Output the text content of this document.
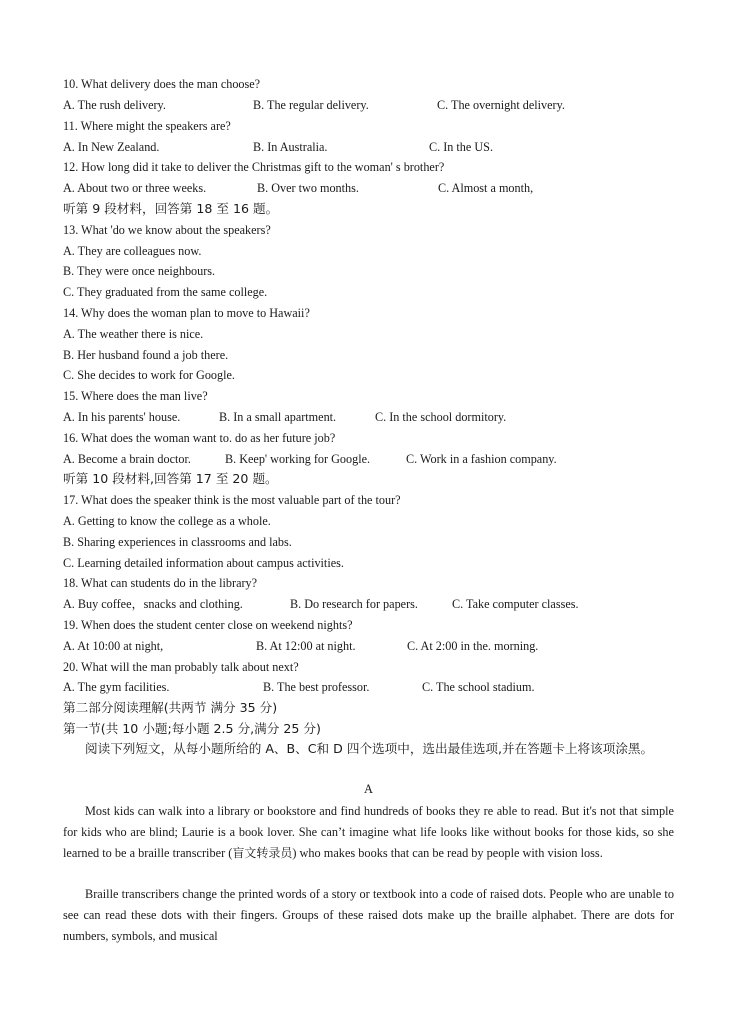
10. What delivery does the man choose?
A. The rush delivery.	B. The regular delivery.	C. The overnight delivery.
11. Where might the speakers are?
A. In New Zealand.	B. In Australia.	C. In the US.
12. How long did it take to deliver the Christmas gift to the woman' s brother?
A. About two or three weeks.	B. Over two months.	C. Almost a month,
听第 9 段材料，回答第 18 至 16 题。
13. What 'do we know about the speakers?
A. They are colleagues now.
B. They were once neighbours.
C. They graduated from the same college.
14. Why does the woman plan to move to Hawaii?
A. The weather there is nice.
B. Her husband found a job there.
C. She decides to work for Google.
15. Where does the man live?
A. In his parents' house.	B. In a small apartment.	C. In the school dormitory.
16. What does the woman want to. do as her future job?
A. Become a brain doctor.	B. Keep' working for Google.	C. Work in a fashion company.
听第 10 段材料,回答第 17 至 20 题。
17. What does the speaker think is the most valuable part of the tour?
A. Getting to know the college as a whole.
B. Sharing experiences in classrooms and labs.
C. Learning detailed information about campus activities.
18. What can students do in the library?
A. Buy coffee，snacks and clothing.	B. Do research for papers.	C. Take computer classes.
19. When does the student center close on weekend nights?
A. At 10:00 at night,	B. At 12:00 at night.	C. At 2:00 in the. morning.
20. What will the man probably talk about next?
A. The gym facilities.	B. The best professor.	C. The school stadium.
第二部分阅读理解(共两节 满分 35 分)
第一节(共 10 小题;每小题 2.5 分,满分 25 分)
阅读下列短文，从每小题所给的 A、B、C和 D 四个选项中，选出最佳选项,并在答题卡上将该项涂黑。
A
Most kids can walk into a library or bookstore and find hundreds of books they re able to read. But it's not that simple for kids who are blind; Laurie is a book lover. She can’t imagine what life looks like without books for those kids, so she learned to be a braille transcriber (盲文转录员) who makes books that can be read by people with vision loss.
Braille transcribers change the printed words of a story or textbook into a code of raised dots. People who are unable to see can read these dots with their fingers. Groups of these raised dots make up the braille alphabet. There are dots for numbers, symbols, and musical
